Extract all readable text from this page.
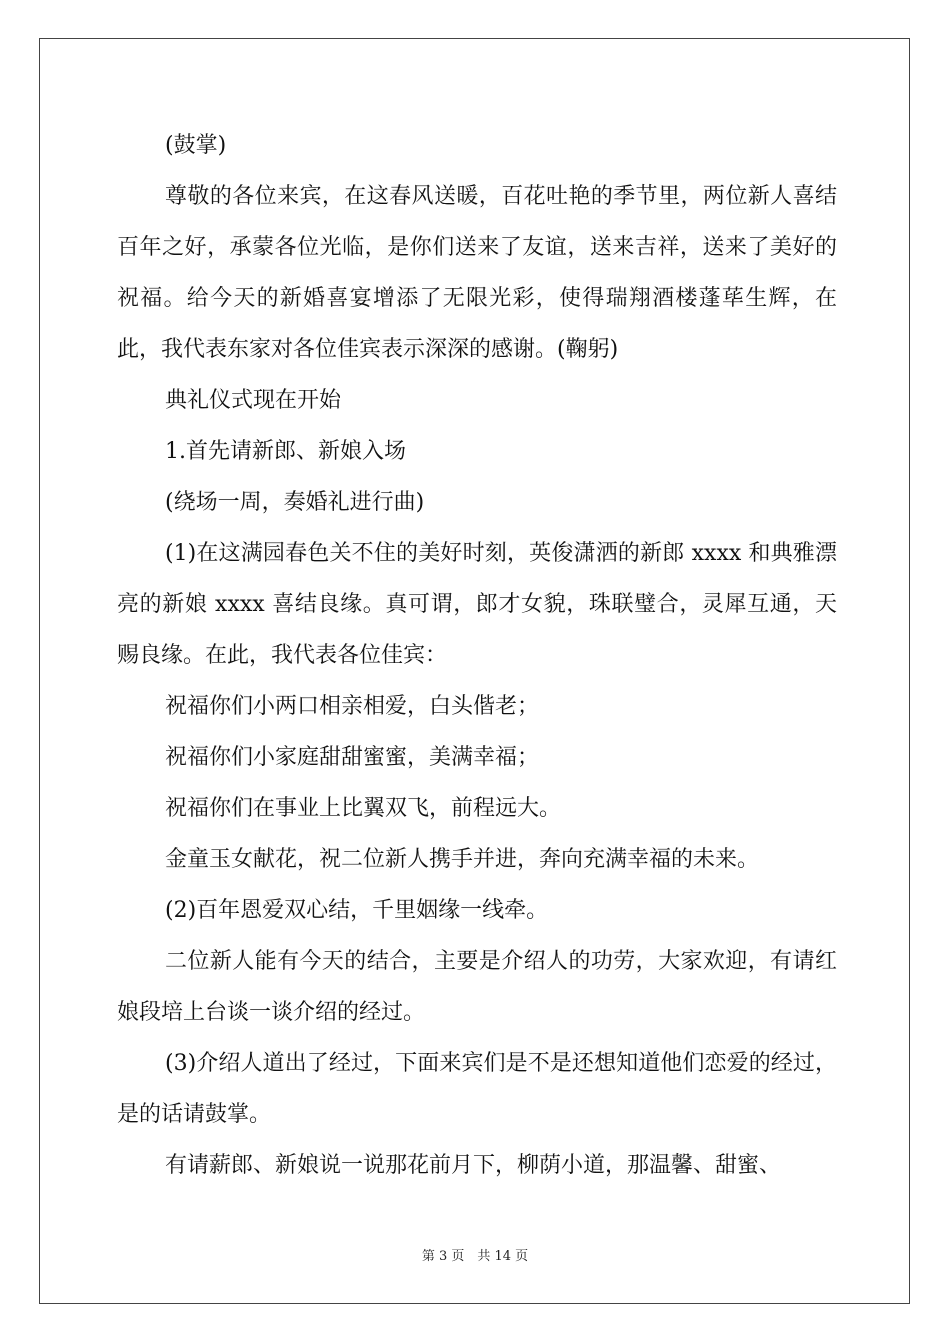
(鼓掌)

尊敬的各位来宾，在这春风送暖，百花吐艳的季节里，两位新人喜结百年之好，承蒙各位光临，是你们送来了友谊，送来吉祥，送来了美好的祝福。给今天的新婚喜宴增添了无限光彩，使得瑞翔酒楼蓬荜生辉，在此，我代表东家对各位佳宾表示深深的感谢。(鞠躬)

典礼仪式现在开始

1.首先请新郎、新娘入场

(绕场一周，奏婚礼进行曲)

(1)在这满园春色关不住的美好时刻，英俊潇洒的新郎 xxxx 和典雅漂亮的新娘 xxxx 喜结良缘。真可谓，郎才女貌，珠联璧合，灵犀互通，天赐良缘。在此，我代表各位佳宾：

祝福你们小两口相亲相爱，白头偕老；

祝福你们小家庭甜甜蜜蜜，美满幸福；

祝福你们在事业上比翼双飞，前程远大。

金童玉女献花，祝二位新人携手并进，奔向充满幸福的未来。

(2)百年恩爱双心结，千里姻缘一线牵。

二位新人能有今天的结合，主要是介绍人的功劳，大家欢迎，有请红娘段培上台谈一谈介绍的经过。

(3)介绍人道出了经过，下面来宾们是不是还想知道他们恋爱的经过，是的话请鼓掌。

有请薪郎、新娘说一说那花前月下，柳荫小道，那温馨、甜蜜、

第 3 页　共 14 页
